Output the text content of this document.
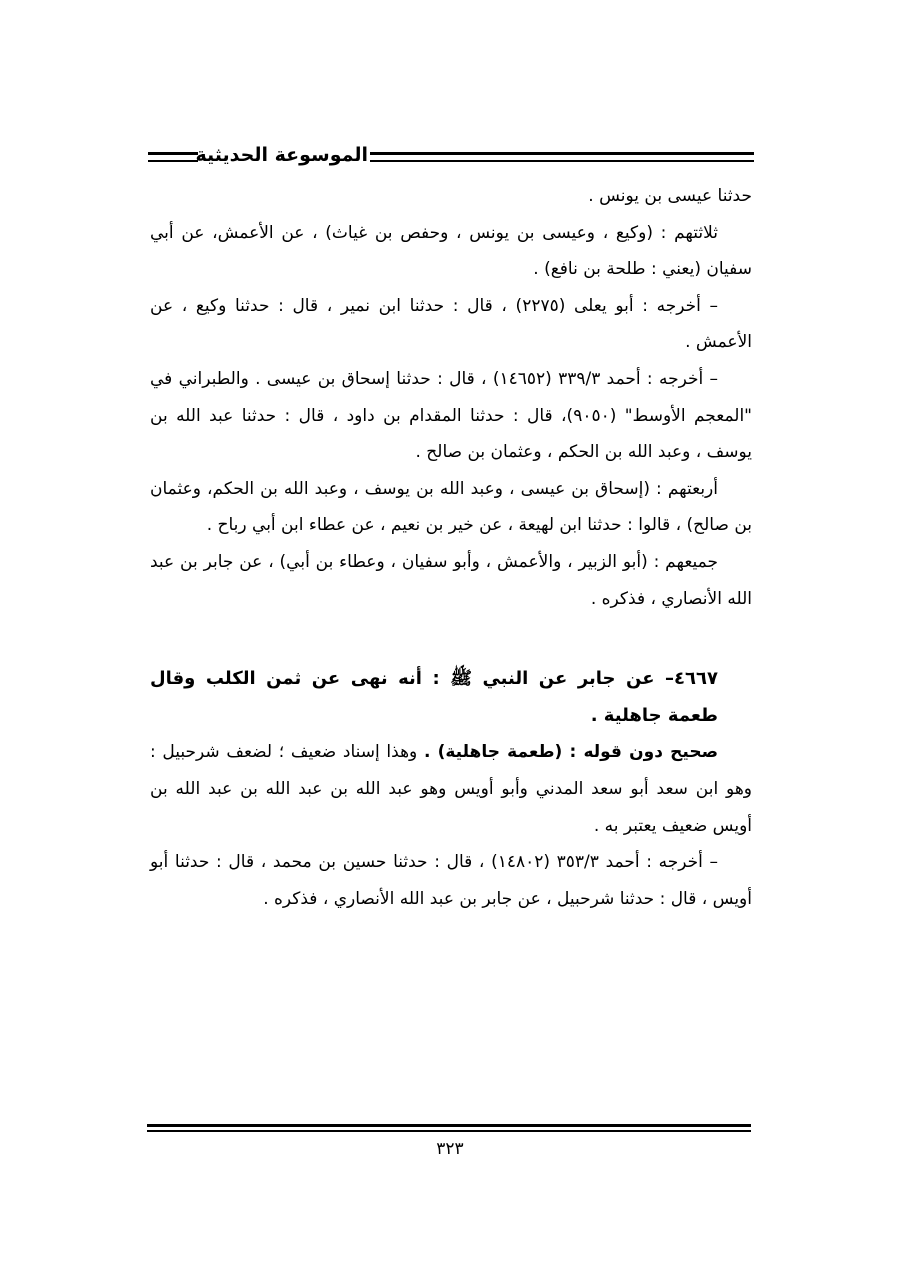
الموسوعة الحديثية

حدثنا عيسى بن يونس .

ثلاثتهم : (وكيع ، وعيسى بن يونس ، وحفص بن غياث) ، عن الأعمش، عن أبي سفيان (يعني : طلحة بن نافع) .

– أخرجه : أبو يعلى (٢٢٧٥) ، قال : حدثنا ابن نمير ، قال : حدثنا وكيع ، عن الأعمش .

– أخرجه : أحمد ٣٣٩/٣ (١٤٦٥٢) ، قال : حدثنا إسحاق بن عيسى . والطبراني في "المعجم الأوسط" (٩٠٥٠)، قال : حدثنا المقدام بن داود ، قال : حدثنا عبد الله بن يوسف ، وعبد الله بن الحكم ، وعثمان بن صالح .

أربعتهم : (إسحاق بن عيسى ، وعبد الله بن يوسف ، وعبد الله بن الحكم، وعثمان بن صالح) ، قالوا : حدثنا ابن لهيعة ، عن خير بن نعيم ، عن عطاء ابن أبي رباح .

جميعهم : (أبو الزبير ، والأعمش ، وأبو سفيان ، وعطاء بن أبي) ، عن جابر بن عبد الله الأنصاري ، فذكره .

٤٦٦٧– عن جابر عن النبي ﷺ : أنه نهى عن ثمن الكلب وقال طعمة جاهلية .

صحيح دون قوله : (طعمة جاهلية) . وهذا إسناد ضعيف ؛ لضعف شرحبيل : وهو ابن سعد أبو سعد المدني وأبو أويس وهو عبد الله بن عبد الله بن عبد الله بن أويس ضعيف يعتبر به .

– أخرجه : أحمد ٣٥٣/٣ (١٤٨٠٢) ، قال : حدثنا حسين بن محمد ، قال : حدثنا أبو أويس ، قال : حدثنا شرحبيل ، عن جابر بن عبد الله الأنصاري ، فذكره .

٣٢٣
